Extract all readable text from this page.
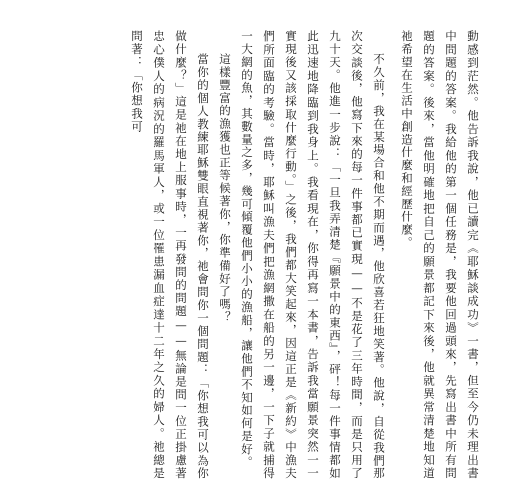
動感到茫然。他告訴我說，他已讀完《耶穌談成功》一書，但至今仍未理出書中問題的答案。我給他的第一個任務是，我要他回過頭來，先寫出書中所有問題的答案。後來，當他明確地把自己的願景都記下來後，他就異常清楚地知道祂希望在生活中創造什麼和經歷什麼。

不久前，我在某場合和他不期而遇，他欣喜若狂地笑著。他說，自從我們那次交談後，他寫下來的每一件事都已實現——不是花了三年時間，而是只用了九十天。他進一步說：「一旦我弄清楚『願景中的東西』，砰！每一件事情都如此迅速地降臨到我身上。我看現在，你得再寫一本書，告訴我當願景突然一一實現後又該採取什麼行動。」之後，我們都大笑起來，因這正是《新約》中漁夫們所面臨的考驗。當時，耶穌叫漁夫們把漁網撒在船的另一邊，一下子就捕得一大網的魚，其數量之多，幾可傾覆他們小小的漁船，讓他們不知如何是好。

這樣豐富的漁獲也正等候著你，你準備好了嗎？

當你的個人教練耶穌雙眼直視著你，祂會問你一個問題：「你想我可以為你做什麼？」這是祂在地上服事時，一再發問的問題——無論是問一位正掛慮著忠心僕人的病況的羅馬軍人，或一位罹患漏血症達十二年之久的婦人。祂總是問著：「你想我可
